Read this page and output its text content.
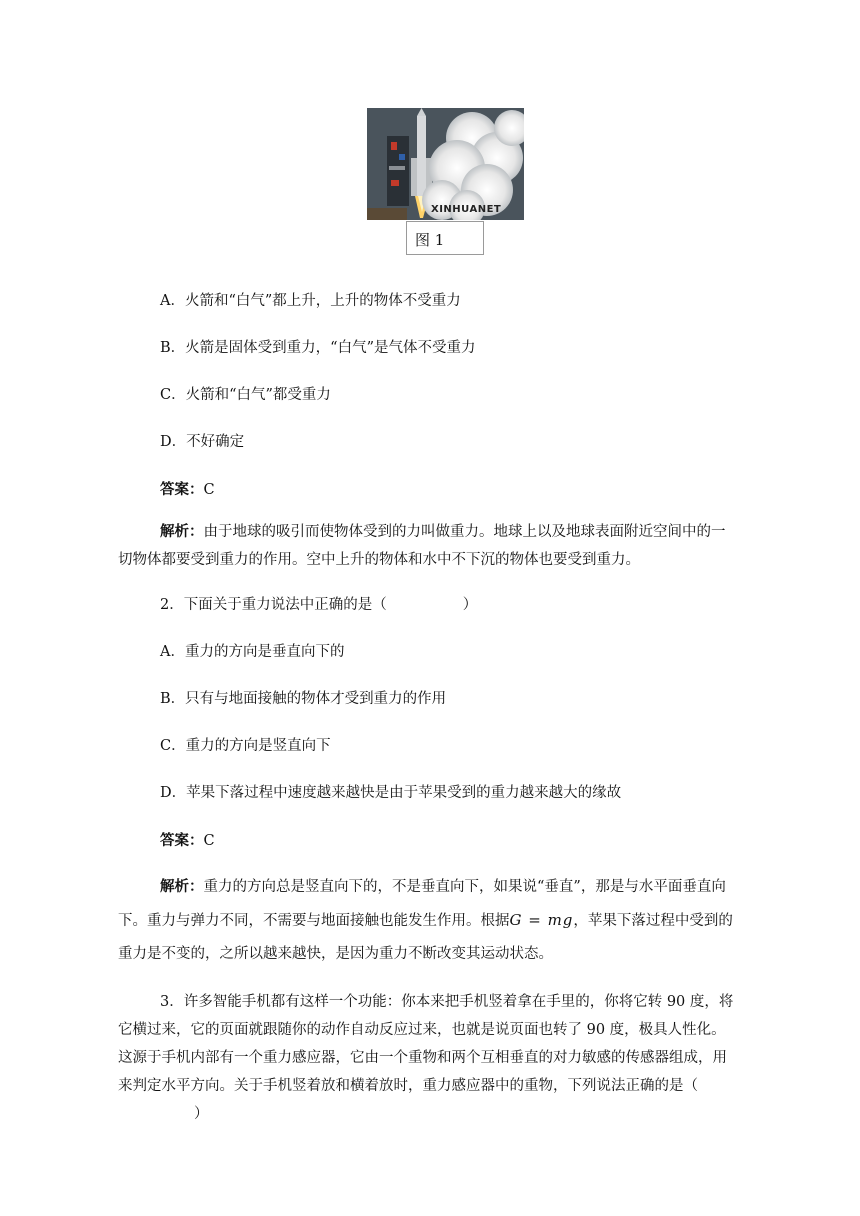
XINHUANET
图 1
A．火箭和“白气”都上升，上升的物体不受重力
B．火箭是固体受到重力，“白气”是气体不受重力
C．火箭和“白气”都受重力
D．不好确定
答案：C
解析：由于地球的吸引而使物体受到的力叫做重力。地球上以及地球表面附近空间中的一切物体都要受到重力的作用。空中上升的物体和水中不下沉的物体也要受到重力。
2．下面关于重力说法中正确的是（	）
A．重力的方向是垂直向下的
B．只有与地面接触的物体才受到重力的作用
C．重力的方向是竖直向下
D．苹果下落过程中速度越来越快是由于苹果受到的重力越来越大的缘故
答案：C
解析：重力的方向总是竖直向下的，不是垂直向下，如果说“垂直”，那是与水平面垂直向下。重力与弹力不同，不需要与地面接触也能发生作用。根据G = mg，苹果下落过程中受到的重力是不变的，之所以越来越快，是因为重力不断改变其运动状态。
3．许多智能手机都有这样一个功能：你本来把手机竖着拿在手里的，你将它转 90 度，将它横过来，它的页面就跟随你的动作自动反应过来，也就是说页面也转了 90 度，极具人性化。这源于手机内部有一个重力感应器，它由一个重物和两个互相垂直的对力敏感的传感器组成，用来判定水平方向。关于手机竖着放和横着放时，重力感应器中的重物，下列说法正确的是（）
